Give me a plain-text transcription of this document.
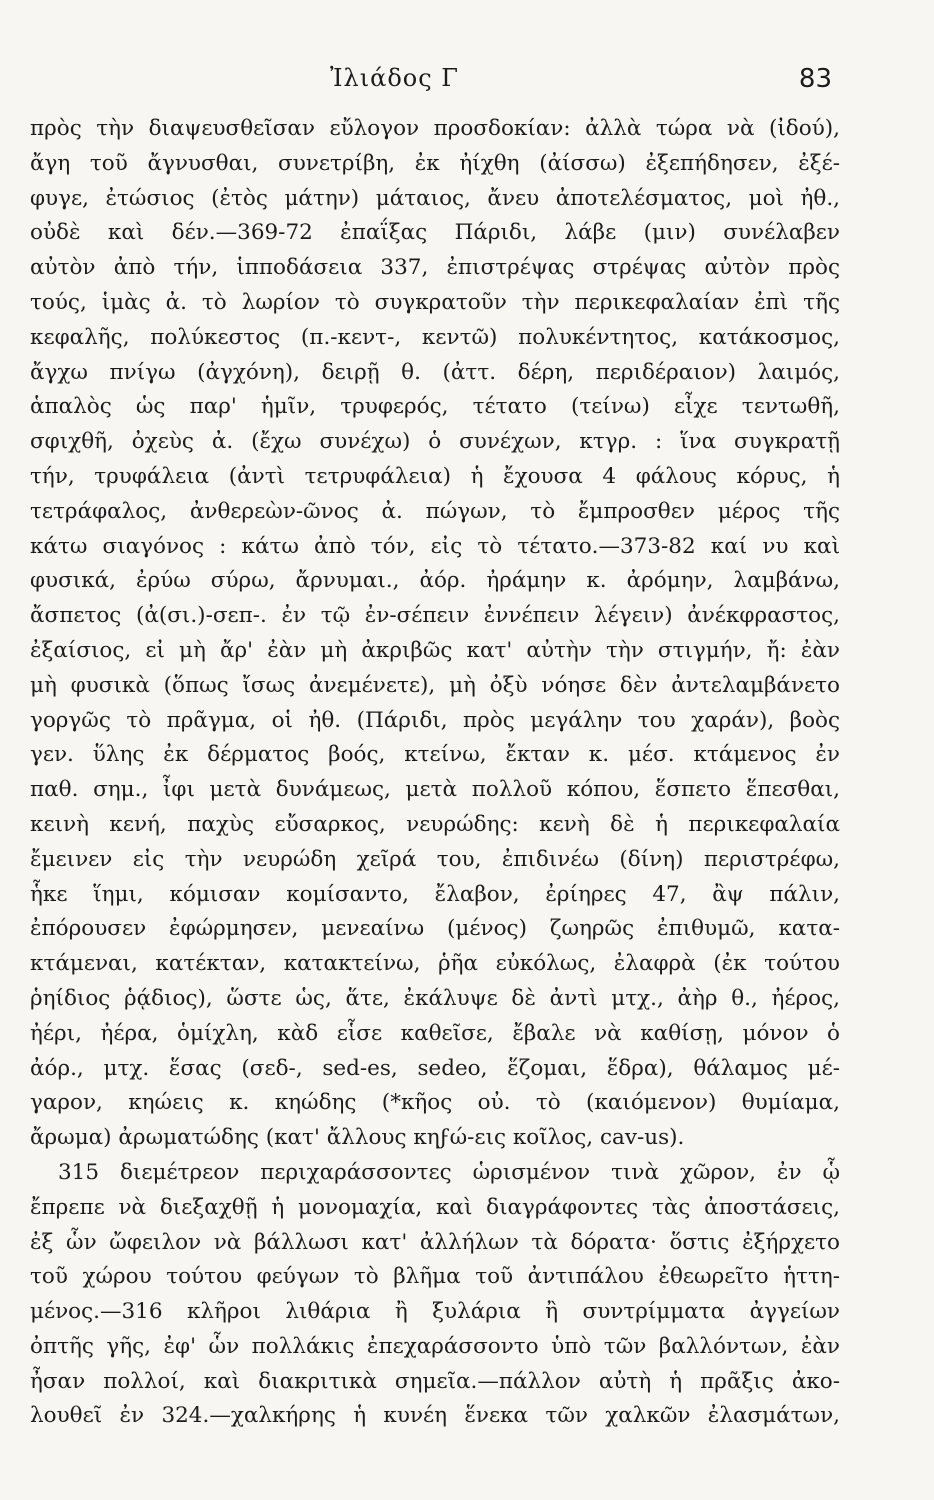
Ἰλιάδος Γ	83
πρὸς τὴν διαψευσθεῖσαν εὔλογον προσδοκίαν: ἀλλὰ τώρα νὰ (ἰδού),
ἄγη τοῦ ἄγνυσθαι, συνετρίβη, ἐκ ἠίχθη (ἀίσσω) ἐξεπήδησεν, ἐξέ-
φυγε, ἐτώσιος (ἐτὸς μάτην) μάταιος, ἄνευ ἀποτελέσματος, μοὶ ἠθ.,
οὐδὲ καὶ δέν.—369-72 ἐπαΐξας Πάριδι, λάβε (μιν) συνέλαβεν
αὐτὸν ἀπὸ τήν, ἱπποδάσεια 337, ἐπιστρέψας στρέψας αὐτὸν πρὸς
τούς, ἱμὰς ἀ. τὸ λωρίον τὸ συγκρατοῦν τὴν περικεφαλαίαν ἐπὶ τῆς
κεφαλῆς, πολύκεστος (π.-κεντ-, κεντῶ) πολυκέντητος, κατάκοσμος,
ἄγχω πνίγω (ἀγχόνη), δειρῇ θ. (ἀττ. δέρη, περιδέραιον) λαιμός,
ἁπαλὸς ὡς παρ' ἡμῖν, τρυφερός, τέτατο (τείνω) εἶχε τεντωθῆ,
σφιχθῆ, ὀχεὺς ἀ. (ἔχω συνέχω) ὁ συνέχων, κτγρ. : ἵνα συγκρατῇ
τήν, τρυφάλεια (ἀντὶ τετρυφάλεια) ἡ ἔχουσα 4 φάλους κόρυς, ἡ
τετράφαλος, ἀνθερεὼν-ῶνος ἀ. πώγων, τὸ ἔμπροσθεν μέρος τῆς
κάτω σιαγόνος : κάτω ἀπὸ τόν, εἰς τὸ τέτατο.—373-82 καί νυ καὶ
φυσικά, ἐρύω σύρω, ἄρνυμαι., ἀόρ. ἠράμην κ. ἀρόμην, λαμβάνω,
ἄσπετος (ἀ(σι.)-σεπ-. ἐν τῷ ἐν-σέπειν ἐννέπειν λέγειν) ἀνέκφραστος,
ἐξαίσιος, εἰ μὴ ἄρ' ἐὰν μὴ ἀκριβῶς κατ' αὐτὴν τὴν στιγμήν, ἤ: ἐὰν
μὴ φυσικὰ (ὅπως ἴσως ἀνεμένετε), μὴ ὀξὺ νόησε δὲν ἀντελαμβάνετο
γοργῶς τὸ πρᾶγμα, οἱ ἠθ. (Πάριδι, πρὸς μεγάλην του χαράν), βοὸς
γεν. ὕλης ἐκ δέρματος βοός, κτείνω, ἔκταν κ. μέσ. κτάμενος ἐν
παθ. σημ., ἶφι μετὰ δυνάμεως, μετὰ πολλοῦ κόπου, ἕσπετο ἕπεσθαι,
κεινὴ κενή, παχὺς εὔσαρκος, νευρώδης: κενὴ δὲ ἡ περικεφαλαία
ἔμεινεν εἰς τὴν νευρώδη χεῖρά του, ἐπιδινέω (δίνη) περιστρέφω,
ἧκε ἵημι, κόμισαν κομίσαντο, ἔλαβον, ἐρίηρες 47, ἂψ πάλιν,
ἐπόρουσεν ἐφώρμησεν, μενεαίνω (μένος) ζωηρῶς ἐπιθυμῶ, κατα-
κτάμεναι, κατέκταν, κατακτείνω, ῥῆα εὐκόλως, ἐλαφρὰ (ἐκ τούτου
ῥηίδιος ῥᾴδιος), ὥστε ὡς, ἅτε, ἐκάλυψε δὲ ἀντὶ μτχ., ἀὴρ θ., ἠέρος,
ἠέρι, ἠέρα, ὁμίχλη, κὰδ εἷσε καθεῖσε, ἔβαλε νὰ καθίσῃ, μόνον ὁ
ἀόρ., μτχ. ἕσας (σεδ-, sed-es, sedeo, ἕζομαι, ἕδρα), θάλαμος μέ-
γαρον, κηώεις κ. κηώδης (*κῆος οὐ. τὸ (καιόμενον) θυμίαμα,
ἄρωμα) ἀρωματώδης (κατ' ἄλλους κηϝώ-εις κοῖλος, cav-us).
315 διεμέτρεον περιχαράσσοντες ὡρισμένον τινὰ χῶρον, ἐν ᾧ
ἔπρεπε νὰ διεξαχθῇ ἡ μονομαχία, καὶ διαγράφοντες τὰς ἀποστάσεις,
ἐξ ὧν ὤφειλον νὰ βάλλωσι κατ' ἀλλήλων τὰ δόρατα· ὅστις ἐξήρχετο
τοῦ χώρου τούτου φεύγων τὸ βλῆμα τοῦ ἀντιπάλου ἐθεωρεῖτο ἡττη-
μένος.—316 κλῆροι λιθάρια ἢ ξυλάρια ἢ συντρίμματα ἀγγείων
ὀπτῆς γῆς, ἐφ' ὧν πολλάκις ἐπεχαράσσοντο ὑπὸ τῶν βαλλόντων, ἐὰν
ἦσαν πολλοί, καὶ διακριτικὰ σημεῖα.—πάλλον αὐτὴ ἡ πρᾶξις ἀκο-
λουθεῖ ἐν 324.—χαλκήρης ἡ κυνέη ἕνεκα τῶν χαλκῶν ἐλασμάτων,
